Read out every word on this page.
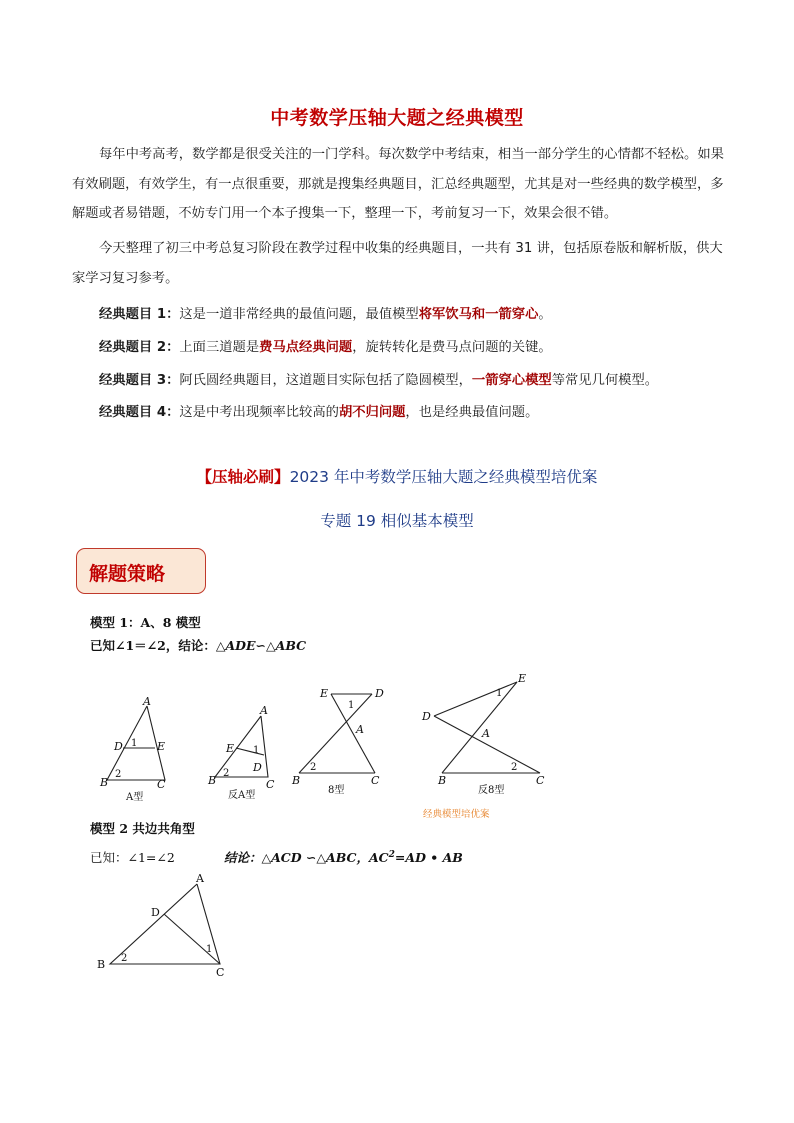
中考数学压轴大题之经典模型
每年中考高考，数学都是很受关注的一门学科。每次数学中考结束，相当一部分学生的心情都不轻松。如果有效刷题，有效学生，有一点很重要，那就是搜集经典题目，汇总经典题型，尤其是对一些经典的数学模型，多解题或者易错题，不妨专门用一个本子搜集一下，整理一下，考前复习一下，效果会很不错。
今天整理了初三中考总复习阶段在教学过程中收集的经典题目，一共有 31 讲，包括原卷版和解析版，供大家学习复习参考。
经典题目 1：这是一道非常经典的最值问题，最值模型将军饮马和一箭穿心。
经典题目 2：上面三道题是费马点经典问题，旋转转化是费马点问题的关键。
经典题目 3：阿氏圆经典题目，这道题目实际包括了隐圆模型，一箭穿心模型等常见几何模型。
经典题目 4：这是中考出现频率比较高的胡不归问题，也是经典最值问题。
【压轴必刷】2023 年中考数学压轴大题之经典模型培优案
专题 19 相似基本模型
解题策略
模型 1：A、8 模型
已知∠1＝∠2，结论：△ADE∽△ABC
A
D	E
1
B
2
C
A型
A
E 1
D
2
B	C
反A型
E	D
1
A
2
B	C
8型
D
E
1
A
2
B	C
反8型
经典模型培优案
模型 2 共边共角型
已知：∠1=∠2	结论：△ACD ∽△ABC，$AC^2=AD$ • AB
A
D
1
B 2
C
